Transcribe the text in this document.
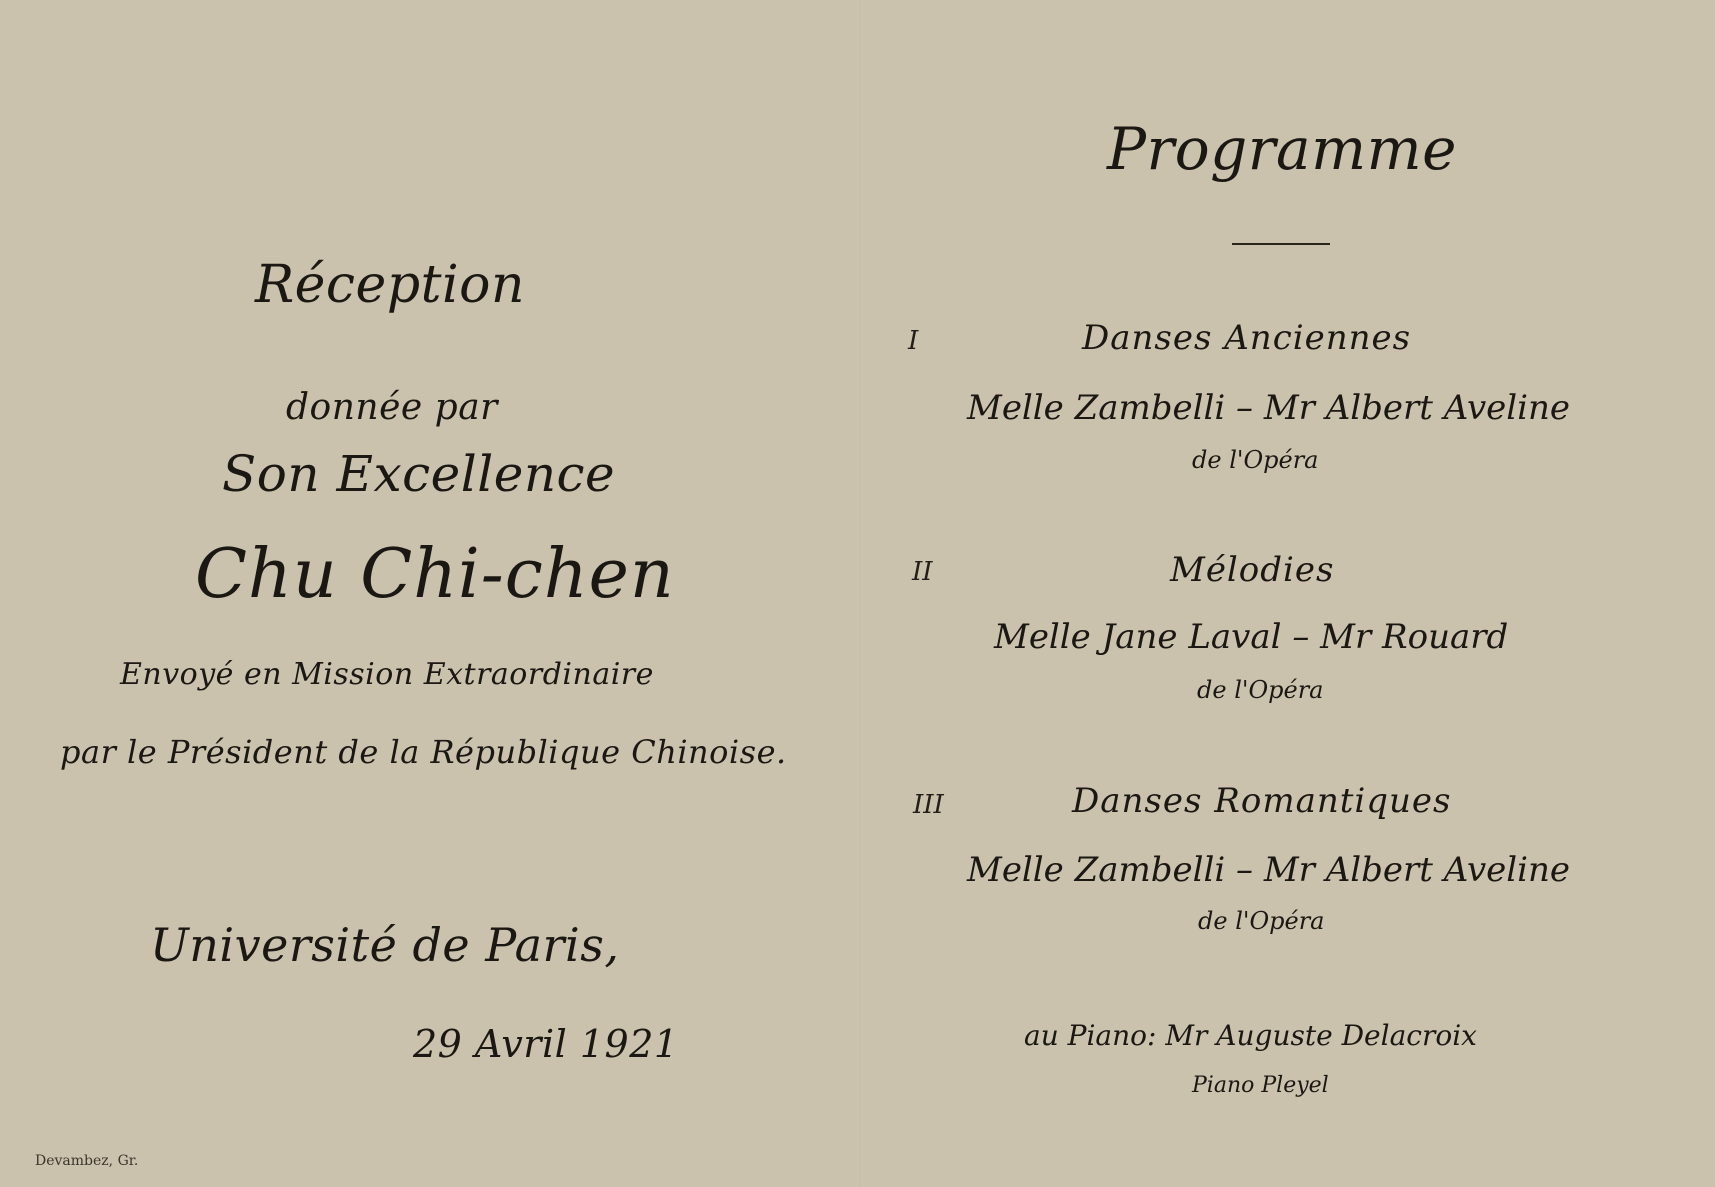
Réception
donnée par
Son Excellence
Chu Chi-chen
Envoyé en Mission Extraordinaire
par le Président de la République Chinoise.
Université de Paris,
29 Avril 1921
Devambez, Gr.
Programme
I	Danses Anciennes
Melle Zambelli – Mr Albert Aveline
de l'Opéra
II	Mélodies
Melle Jane Laval – Mr Rouard
de l'Opéra
III	Danses Romantiques
Melle Zambelli – Mr Albert Aveline
de l'Opéra
au Piano: Mr Auguste Delacroix
Piano Pleyel
